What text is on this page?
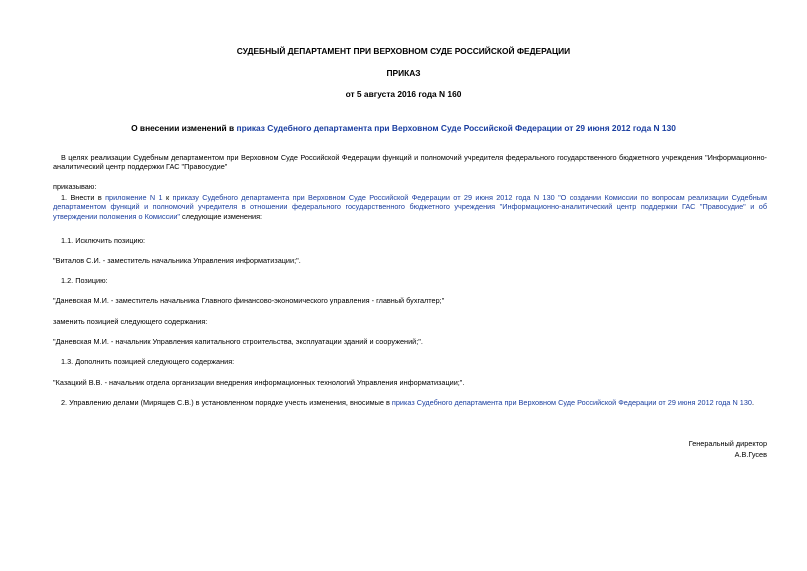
СУДЕБНЫЙ ДЕПАРТАМЕНТ ПРИ ВЕРХОВНОМ СУДЕ РОССИЙСКОЙ ФЕДЕРАЦИИ
ПРИКАЗ
от 5 августа 2016 года N 160
О внесении изменений в приказ Судебного департамента при Верховном Суде Российской Федерации от 29 июня 2012 года N 130
В целях реализации Судебным департаментом при Верховном Суде Российской Федерации функций и полномочий учредителя федерального государственного бюджетного учреждения "Информационно-аналитический центр поддержки ГАС "Правосудие"
приказываю:
1. Внести в приложение N 1 к приказу Судебного департамента при Верховном Суде Российской Федерации от 29 июня 2012 года N 130 "О создании Комиссии по вопросам реализации Судебным департаментом функций и полномочий учредителя в отношении федерального государственного бюджетного учреждения "Информационно-аналитический центр поддержки ГАС "Правосудие" и об утверждении положения о Комиссии" следующие изменения:
1.1. Исключить позицию:
"Виталов С.И. - заместитель начальника Управления информатизации;".
1.2. Позицию:
"Даневская М.И. - заместитель начальника Главного финансово-экономического управления - главный бухгалтер;"
заменить позицией следующего содержания:
"Даневская М.И. - начальник Управления капитального строительства, эксплуатации зданий и сооружений;".
1.3. Дополнить позицией следующего содержания:
"Казацкий В.В. - начальник отдела организации внедрения информационных технологий Управления информатизации;".
2. Управлению делами (Мирящев С.В.) в установленном порядке учесть изменения, вносимые в приказ Судебного департамента при Верховном Суде Российской Федерации от 29 июня 2012 года N 130.
Генеральный директор
А.В.Гусев
